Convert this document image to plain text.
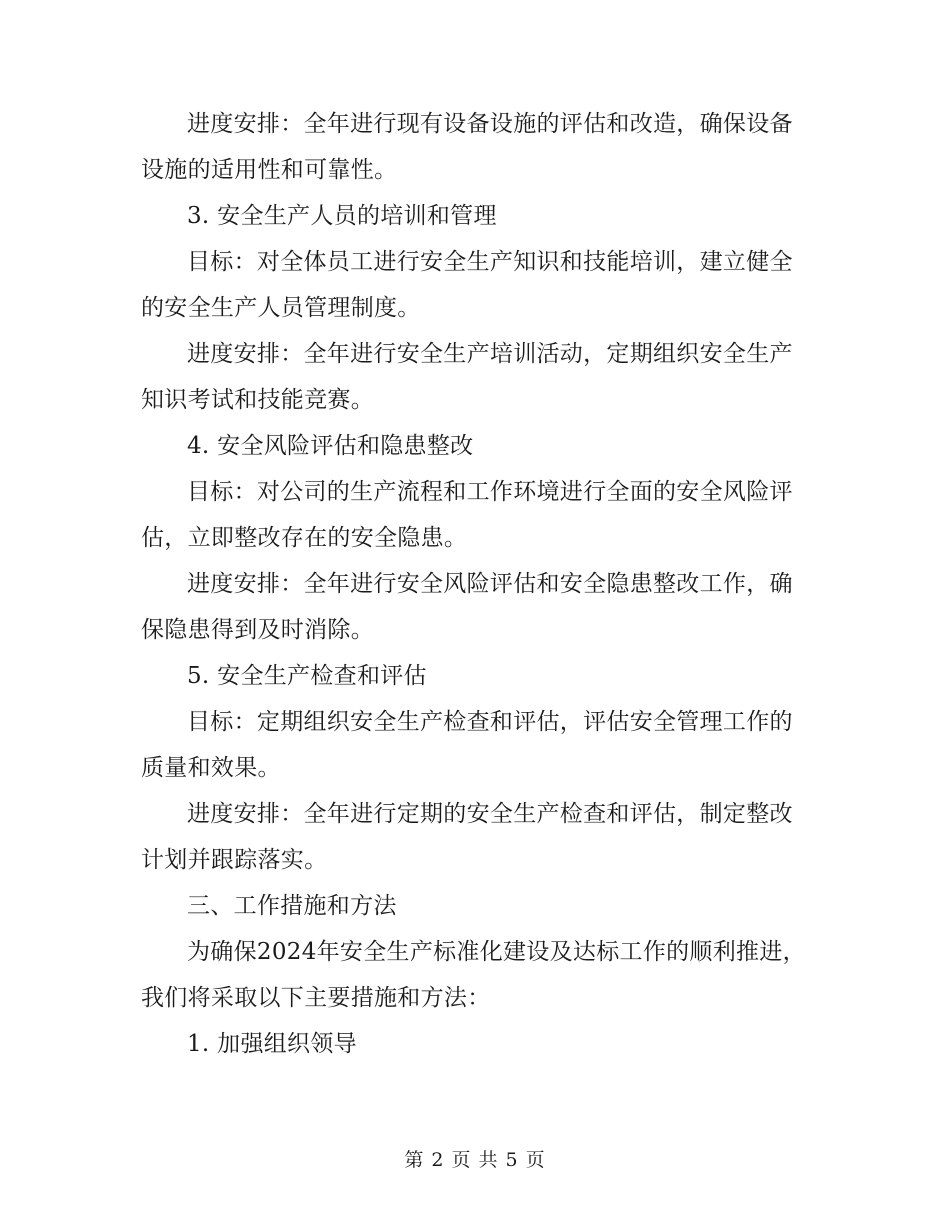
进度安排：全年进行现有设备设施的评估和改造，确保设备设施的适用性和可靠性。

3. 安全生产人员的培训和管理

目标：对全体员工进行安全生产知识和技能培训，建立健全的安全生产人员管理制度。

进度安排：全年进行安全生产培训活动，定期组织安全生产知识考试和技能竞赛。

4. 安全风险评估和隐患整改

目标：对公司的生产流程和工作环境进行全面的安全风险评估，立即整改存在的安全隐患。

进度安排：全年进行安全风险评估和安全隐患整改工作，确保隐患得到及时消除。

5. 安全生产检查和评估

目标：定期组织安全生产检查和评估，评估安全管理工作的质量和效果。

进度安排：全年进行定期的安全生产检查和评估，制定整改计划并跟踪落实。

三、工作措施和方法

为确保2024年安全生产标准化建设及达标工作的顺利推进，我们将采取以下主要措施和方法：

1. 加强组织领导

第 2 页 共 5 页
